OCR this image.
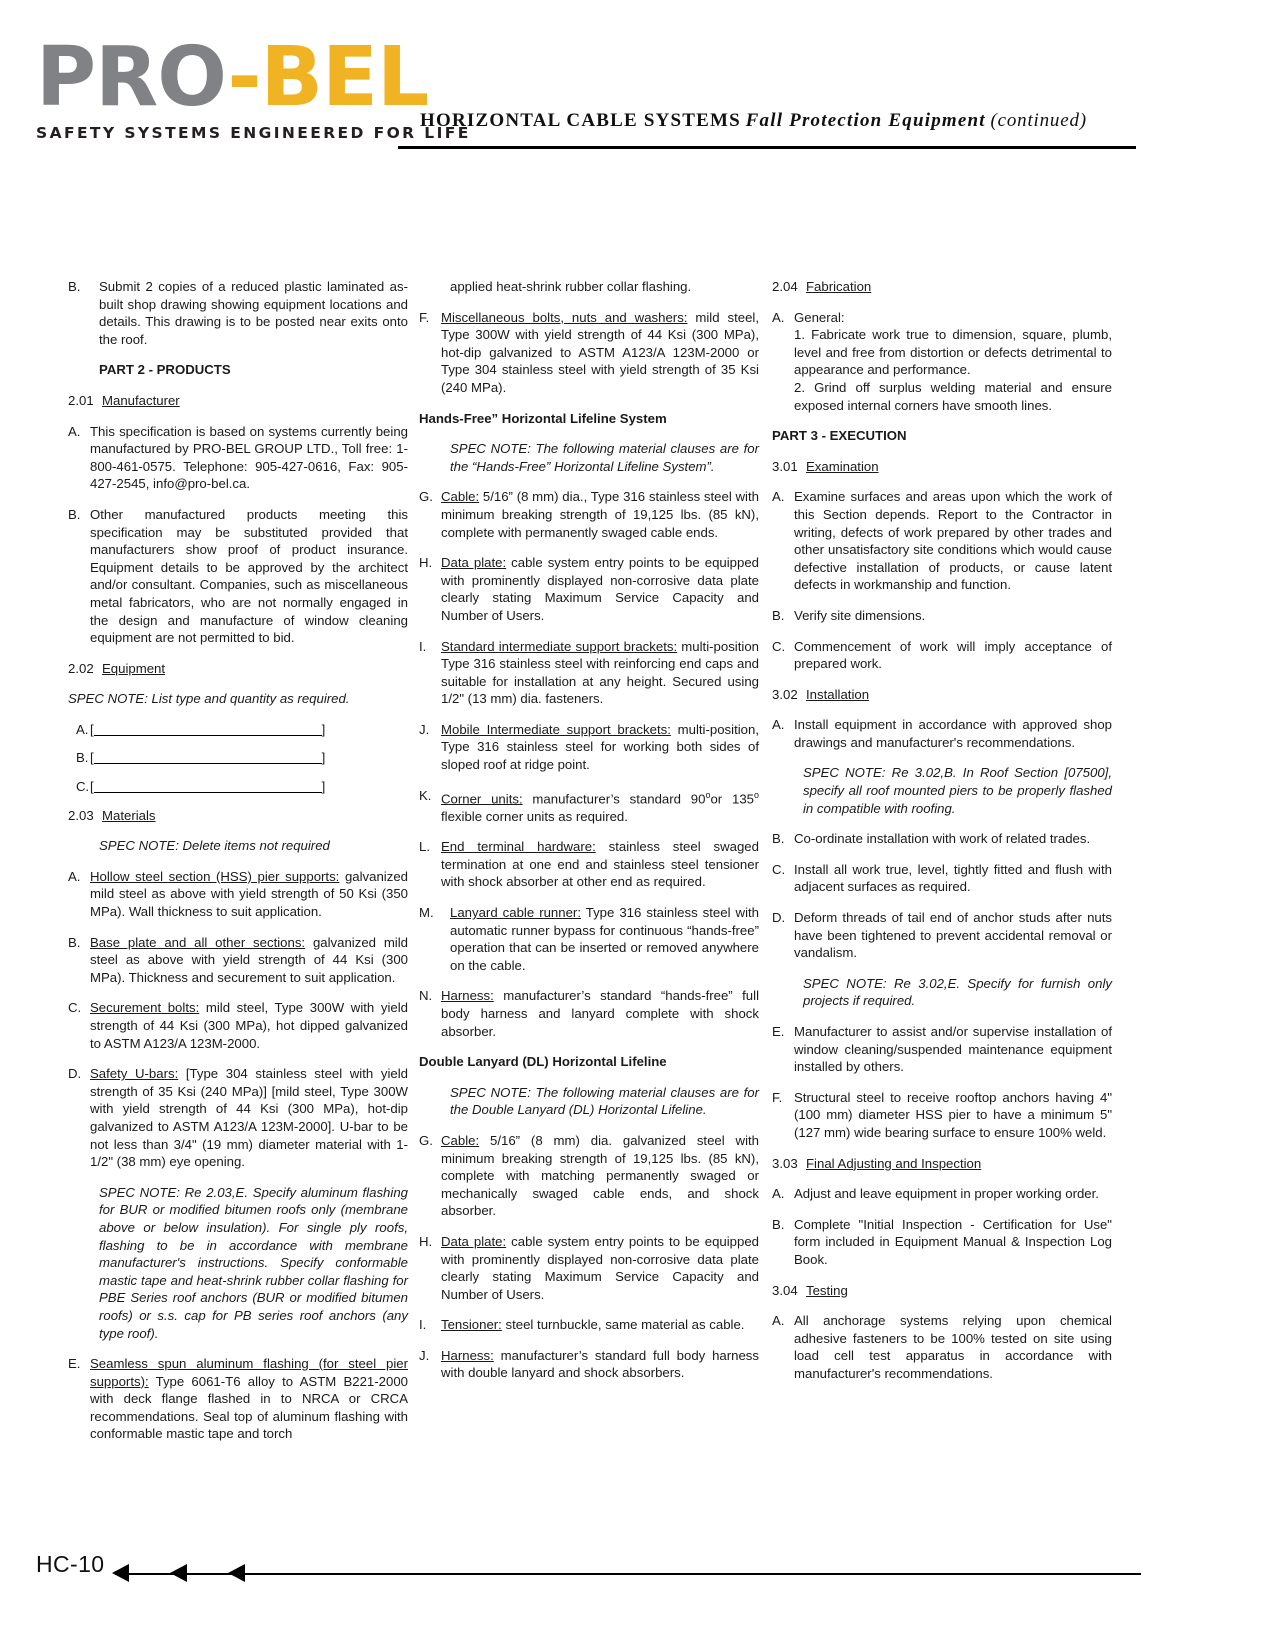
PRO-BEL
SAFETY SYSTEMS ENGINEERED FOR LIFE
HORIZONTAL CABLE SYSTEMS Fall Protection Equipment (continued)
B.	Submit 2 copies of a reduced plastic laminated as-built shop drawing showing equipment locations and details. This drawing is to be posted near exits onto the roof.
PART 2 - PRODUCTS
2.01 Manufacturer
A. This specification is based on systems currently being manufactured by PRO-BEL GROUP LTD., Toll free: 1-800-461-0575. Telephone: 905-427-0616, Fax: 905-427-2545, info@pro-bel.ca.
B. Other manufactured products meeting this specification may be substituted provided that manufacturers show proof of product insurance. Equipment details to be approved by the architect and/or consultant. Companies, such as miscellaneous metal fabricators, who are not normally engaged in the design and manufacture of window cleaning equipment are not permitted to bid.
2.02 Equipment
SPEC NOTE: List type and quantity as required.
A. [	]
B. [	]
C. [	]
2.03 Materials
SPEC NOTE: Delete items not required
A. Hollow steel section (HSS) pier supports: galvanized mild steel as above with yield strength of 50 Ksi (350 MPa). Wall thickness to suit application.
B. Base plate and all other sections: galvanized mild steel as above with yield strength of 44 Ksi (300 MPa). Thickness and securement to suit application.
C. Securement bolts: mild steel, Type 300W with yield strength of 44 Ksi (300 MPa), hot dipped galvanized to ASTM A123/A 123M-2000.
D. Safety U-bars: [Type 304 stainless steel with yield strength of 35 Ksi (240 MPa)] [mild steel, Type 300W with yield strength of 44 Ksi (300 MPa), hot-dip galvanized to ASTM A123/A 123M-2000]. U-bar to be not less than 3/4" (19 mm) diameter material with 1-1/2" (38 mm) eye opening.
SPEC NOTE: Re 2.03,E. Specify aluminum flashing for BUR or modified bitumen roofs only (membrane above or below insulation). For single ply roofs, flashing to be in accordance with membrane manufacturer's instructions. Specify conformable mastic tape and heat-shrink rubber collar flashing for PBE Series roof anchors (BUR or modified bitumen roofs) or s.s. cap for PB series roof anchors (any type roof).
E. Seamless spun aluminum flashing (for steel pier supports): Type 6061-T6 alloy to ASTM B221-2000 with deck flange flashed in to NRCA or CRCA recommendations. Seal top of aluminum flashing with conformable mastic tape and torch
applied heat-shrink rubber collar flashing.
F. Miscellaneous bolts, nuts and washers: mild steel, Type 300W with yield strength of 44 Ksi (300 MPa), hot-dip galvanized to ASTM A123/A 123M-2000 or Type 304 stainless steel with yield strength of 35 Ksi (240 MPa).
Hands-Free” Horizontal Lifeline System
SPEC NOTE: The following material clauses are for the “Hands-Free” Horizontal Lifeline System”.
G. Cable: 5/16” (8 mm) dia., Type 316 stainless steel with minimum breaking strength of 19,125 lbs. (85 kN), complete with permanently swaged cable ends.
H. Data plate: cable system entry points to be equipped with prominently displayed non-corrosive data plate clearly stating Maximum Service Capacity and Number of Users.
I.	Standard intermediate support brackets: multi-position Type 316 stainless steel with reinforcing end caps and suitable for installation at any height. Secured using 1/2" (13 mm) dia. fasteners.
J. Mobile Intermediate support brackets: multi-position, Type 316 stainless steel for working both sides of sloped roof at ridge point.
K. Corner units: manufacturer’s standard 90$^o$or 135$^o$ flexible corner units as required.
L. End terminal hardware: stainless steel swaged termination at one end and stainless steel tensioner with shock absorber at other end as required.
M.	Lanyard cable runner: Type 316 stainless steel with automatic runner bypass for continuous “hands-free” operation that can be inserted or removed anywhere on the cable.
N. Harness: manufacturer’s standard “hands-free” full body harness and lanyard complete with shock absorber.
Double Lanyard (DL) Horizontal Lifeline
SPEC NOTE: The following material clauses are for the Double Lanyard (DL) Horizontal Lifeline.
G. Cable: 5/16” (8 mm) dia. galvanized steel with minimum breaking strength of 19,125 lbs. (85 kN), complete with matching permanently swaged or mechanically swaged cable ends, and shock absorber.
H. Data plate: cable system entry points to be equipped with prominently displayed non-corrosive data plate clearly stating Maximum Service Capacity and Number of Users.
I.	Tensioner: steel turnbuckle, same material as cable.
J. Harness: manufacturer’s standard full body harness with double lanyard and shock absorbers.
2.04 Fabrication
A. General:
1. Fabricate work true to dimension, square, plumb, level and free from distortion or defects detrimental to appearance and performance.
2. Grind off surplus welding material and ensure exposed internal corners have smooth lines.
PART 3 - EXECUTION
3.01 Examination
A. Examine surfaces and areas upon which the work of this Section depends. Report to the Contractor in writing, defects of work prepared by other trades and other unsatisfactory site conditions which would cause defective installation of products, or cause latent defects in workmanship and function.
B. Verify site dimensions.
C. Commencement of work will imply acceptance of prepared work.
3.02 Installation
A. Install equipment in accordance with approved shop drawings and manufacturer's recommendations.
SPEC NOTE: Re 3.02,B. In Roof Section [07500], specify all roof mounted piers to be properly flashed in compatible with roofing.
B. Co-ordinate installation with work of related trades.
C. Install all work true, level, tightly fitted and flush with adjacent surfaces as required.
D. Deform threads of tail end of anchor studs after nuts have been tightened to prevent accidental removal or vandalism.
SPEC NOTE: Re 3.02,E. Specify for furnish only projects if required.
E. Manufacturer to assist and/or supervise installation of window cleaning/suspended maintenance equipment installed by others.
F. Structural steel to receive rooftop anchors having 4" (100 mm) diameter HSS pier to have a minimum 5" (127 mm) wide bearing surface to ensure 100% weld.
3.03 Final Adjusting and Inspection
A. Adjust and leave equipment in proper working order.
B. Complete "Initial Inspection - Certification for Use" form included in Equipment Manual & Inspection Log Book.
3.04 Testing
A. All anchorage systems relying upon chemical adhesive fasteners to be 100% tested on site using load cell test apparatus in accordance with manufacturer's recommendations.
HC-10
